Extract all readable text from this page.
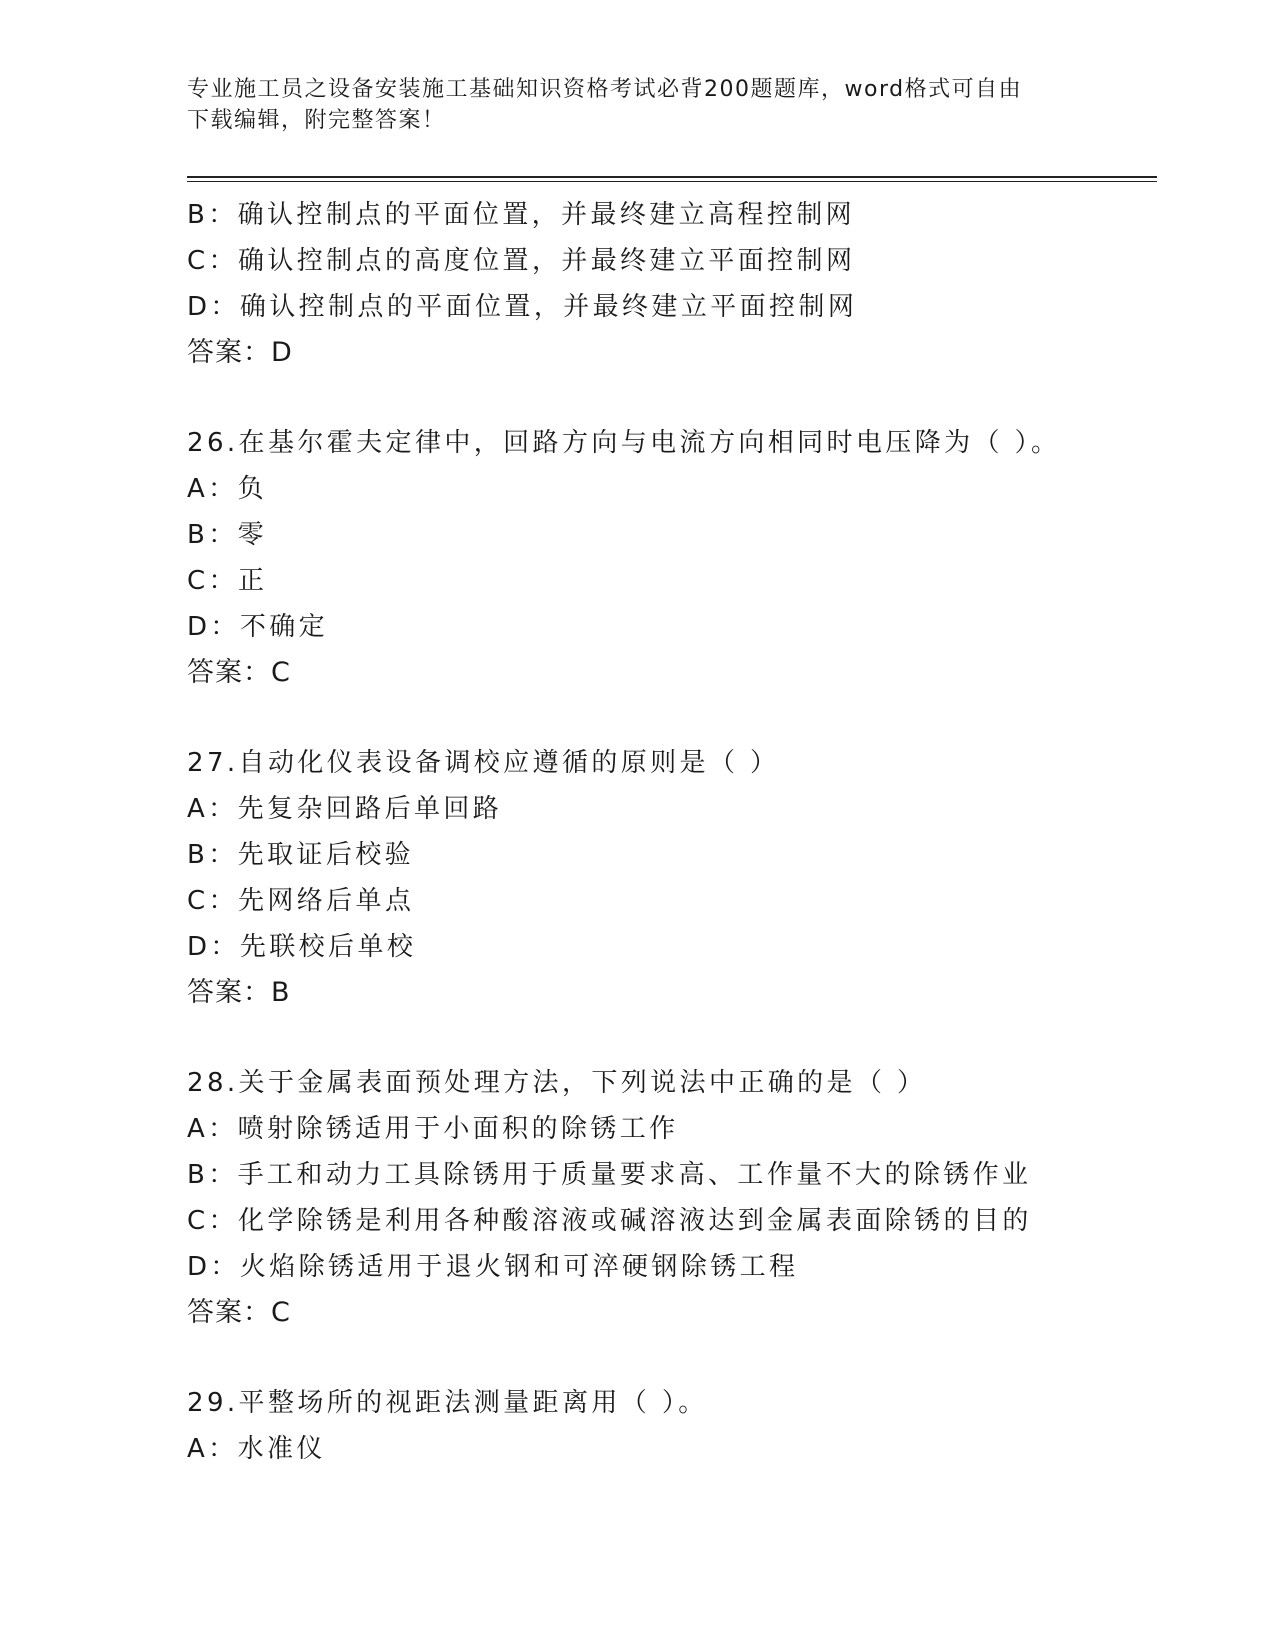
专业施工员之设备安装施工基础知识资格考试必背200题题库，word格式可自由
下载编辑，附完整答案！
B：确认控制点的平面位置，并最终建立高程控制网
C：确认控制点的高度位置，并最终建立平面控制网
D：确认控制点的平面位置，并最终建立平面控制网
答案：D
26.在基尔霍夫定律中，回路方向与电流方向相同时电压降为（ ）。
A：负
B：零
C：正
D：不确定
答案：C
27.自动化仪表设备调校应遵循的原则是（ ）
A：先复杂回路后单回路
B：先取证后校验
C：先网络后单点
D：先联校后单校
答案：B
28.关于金属表面预处理方法，下列说法中正确的是（ ）
A：喷射除锈适用于小面积的除锈工作
B：手工和动力工具除锈用于质量要求高、工作量不大的除锈作业
C：化学除锈是利用各种酸溶液或碱溶液达到金属表面除锈的目的
D：火焰除锈适用于退火钢和可淬硬钢除锈工程
答案：C
29.平整场所的视距法测量距离用（ ）。
A：水准仪
